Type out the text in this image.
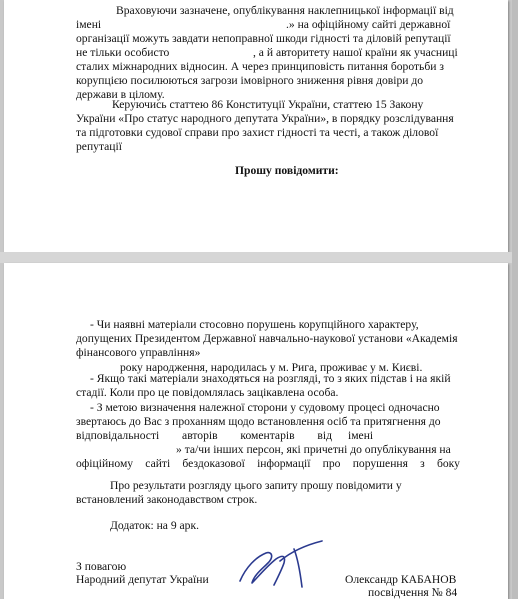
Враховуючи зазначене, опублікування наклепницької інформації від
імені	.» на офіційному сайті державної
організації можуть завдати непоправної шкоди гідності та діловій репутації
не тільки особисто	, а й авторитету нашої країни як учасниці
сталих міжнародних відносин. А через принциповість питання боротьби з
корупцією посилюються загрози імовірного зниження рівня довіри до
держави в цілому.
Керуючись статтею 86 Конституції України, статтею 15 Закону
України «Про статус народного депутата України», в порядку розслідування
та підготовки судової справи про захист гідності та честі, а також ділової
репутації
Прошу повідомити:
- Чи наявні матеріали стосовно порушень корупційного характеру,
допущених Президентом Державної навчально-наукової установи «Академія
фінансового управління»
року народження, народилась у м. Рига, проживає у м. Києві.
- Якщо такі матеріали знаходяться на розгляді, то з яких підстав і на якій
стадії. Коли про це повідомлялась зацікавлена особа.
- З метою визначення належної сторони у судовому процесі одночасно
звертаюсь до Вас з проханням щодо встановлення осіб та притягнення до
відповідальності авторів коментарів від імені
» та/чи інших персон, які причетні до опублікування на
офіційному сайті бездоказової інформації про порушення з боку
Про результати розгляду цього запиту прошу повідомити у
встановлений законодавством строк.
Додаток: на 9 арк.
З повагою
Народний депутат України	Олександр КАБАНОВ
посвідчення № 84
